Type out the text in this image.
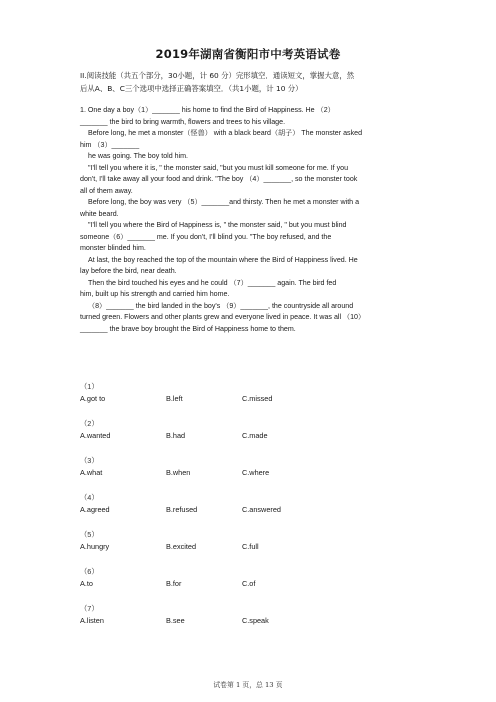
2019年湖南省衡阳市中考英语试卷
II.阅读技能（共五个部分，30小题，计 60 分）完形填空．通读短文，掌握大意，然
后从A、B、C三个选项中选择正确答案填空．（共1小题，计 10 分）

1. One day a boy（1）_______ his home to find the Bird of Happiness. He （2）

_______ the bird to bring warmth, flowers and trees to his village.

Before long, he met a monster（怪兽） with a black beard（胡子） The monster asked

him （3）_______

he was going. The boy told him.

"I'll tell you where it is, " the monster said, "but you must kill someone for me. If you

don't, I'll take away all your food and drink. "The boy （4）_______, so the monster took

all of them away.

Before long, the boy was very （5）_______and thirsty. Then he met a monster with a

white beard.

"I'll tell you where the Bird of Happiness is, " the monster said, " but you must blind

someone（6）_______ me. If you don't, I'll blind you. "The boy refused, and the

monster blinded him.

At last, the boy reached the top of the mountain where the Bird of Happiness lived. He

lay before the bird, near death.

Then the bird touched his eyes and he could （7）_______ again. The bird fed

him, built up his strength and carried him home.

（8）_______ the bird landed in the boy's （9）_______, the countryside all around

turned green. Flowers and other plants grew and everyone lived in peace. It was all （10）

_______ the brave boy brought the Bird of Happiness home to them.

（1）
A.got to	B.left	C.missed
（2）
A.wanted	B.had	C.made
（3）
A.what	B.when	C.where
（4）
A.agreed	B.refused	C.answered
（5）
A.hungry	B.excited	C.full
（6）
A.to	B.for	C.of
（7）
A.listen	B.see	C.speak
试卷第 1 页，总 13 页
